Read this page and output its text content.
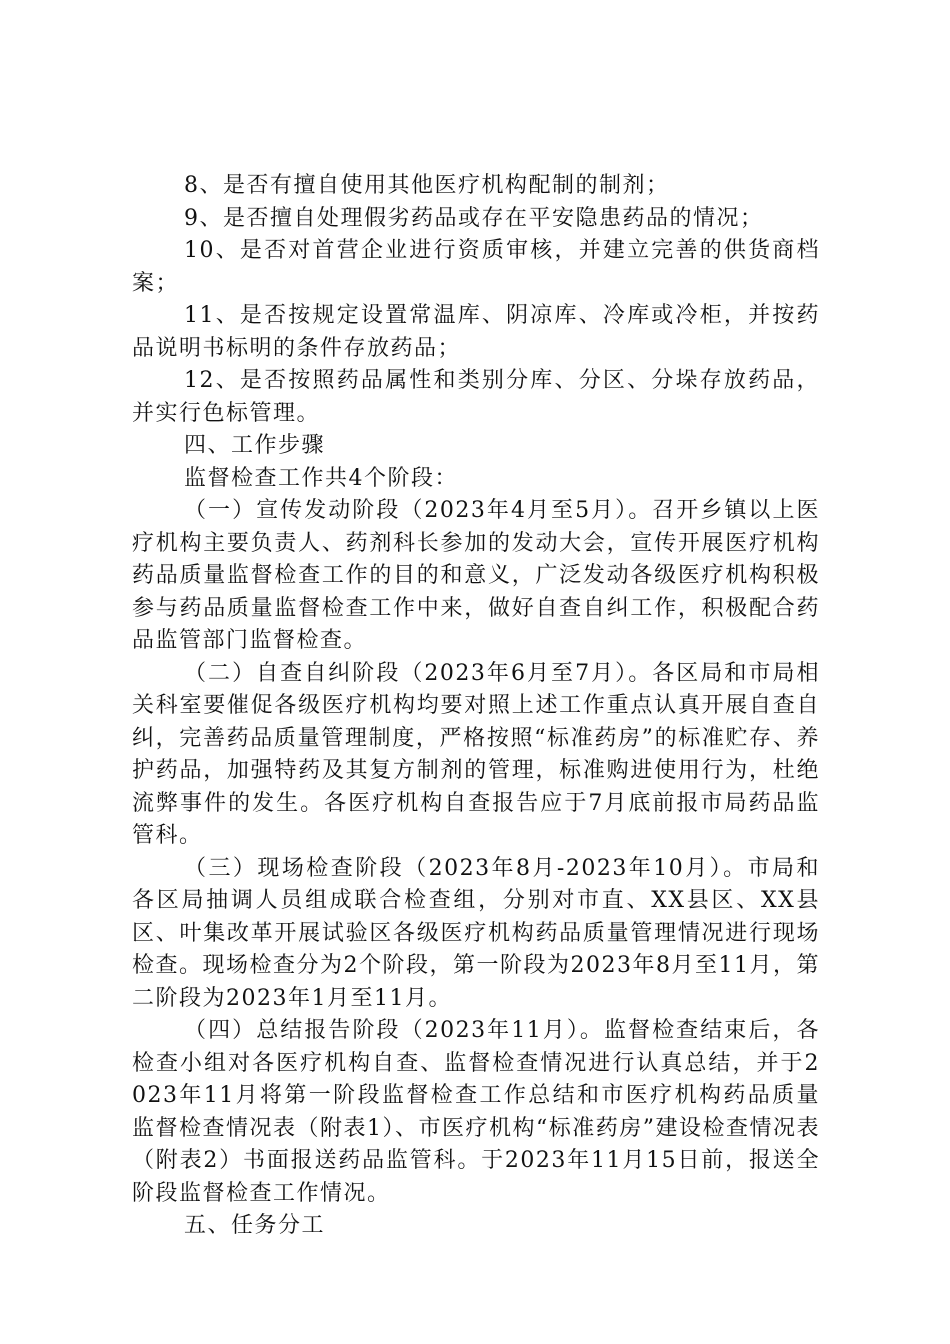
8、是否有擅自使用其他医疗机构配制的制剂；

9、是否擅自处理假劣药品或存在平安隐患药品的情况；

10、是否对首营企业进行资质审核，并建立完善的供货商档案；

11、是否按规定设置常温库、阴凉库、冷库或冷柜，并按药品说明书标明的条件存放药品；

12、是否按照药品属性和类别分库、分区、分垛存放药品，并实行色标管理。

四、工作步骤

监督检查工作共4个阶段：

（一）宣传发动阶段（2023年4月至5月）。召开乡镇以上医疗机构主要负责人、药剂科长参加的发动大会，宣传开展医疗机构药品质量监督检查工作的目的和意义，广泛发动各级医疗机构积极参与药品质量监督检查工作中来，做好自查自纠工作，积极配合药品监管部门监督检查。

（二）自查自纠阶段（2023年6月至7月）。各区局和市局相关科室要催促各级医疗机构均要对照上述工作重点认真开展自查自纠，完善药品质量管理制度，严格按照“标准药房”的标准贮存、养护药品，加强特药及其复方制剂的管理，标准购进使用行为，杜绝流弊事件的发生。各医疗机构自查报告应于7月底前报市局药品监管科。

（三）现场检查阶段（2023年8月-2023年10月）。市局和各区局抽调人员组成联合检查组，分别对市直、XX县区、XX县区、叶集改革开展试验区各级医疗机构药品质量管理情况进行现场检查。现场检查分为2个阶段，第一阶段为2023年8月至11月，第二阶段为2023年1月至11月。

（四）总结报告阶段（2023年11月）。监督检查结束后，各检查小组对各医疗机构自查、监督检查情况进行认真总结，并于2023年11月将第一阶段监督检查工作总结和市医疗机构药品质量监督检查情况表（附表1）、市医疗机构“标准药房”建设检查情况表（附表2）书面报送药品监管科。于2023年11月15日前，报送全阶段监督检查工作情况。

五、任务分工
